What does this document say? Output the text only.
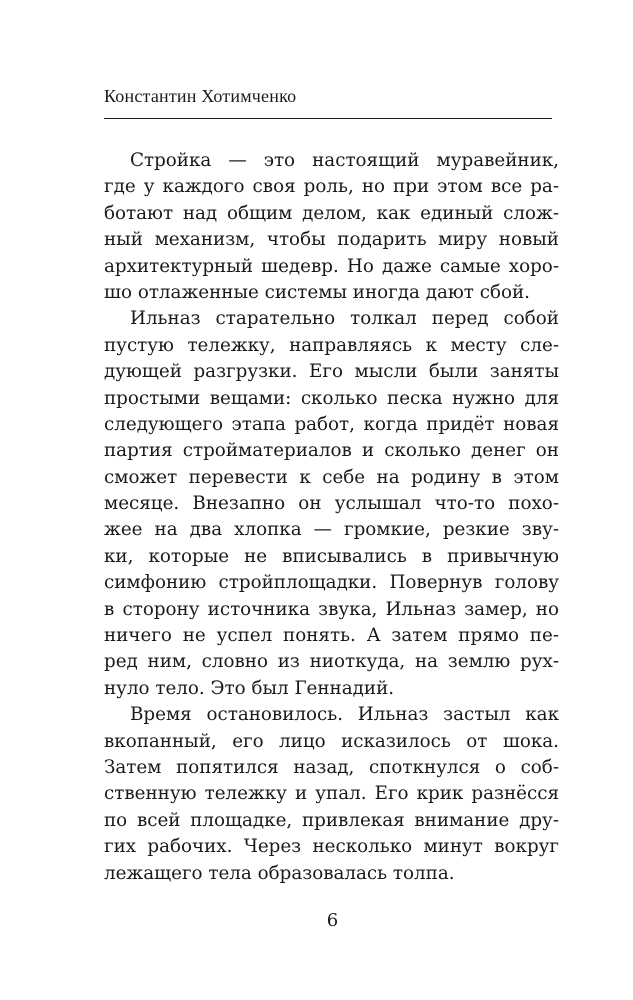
Константин Хотимченко
Стройка — это настоящий муравейник,
где у каждого своя роль, но при этом все ра-
ботают над общим делом, как единый слож-
ный механизм, чтобы подарить миру новый
архитектурный шедевр. Но даже самые хоро-
шо отлаженные системы иногда дают сбой.
Ильназ старательно толкал перед собой
пустую тележку, направляясь к месту сле-
дующей разгрузки. Его мысли были заняты
простыми вещами: сколько песка нужно для
следующего этапа работ, когда придёт новая
партия стройматериалов и сколько денег он
сможет перевести к себе на родину в этом
месяце. Внезапно он услышал что-то похо-
жее на два хлопка — громкие, резкие зву-
ки, которые не вписывались в привычную
симфонию стройплощадки. Повернув голову
в сторону источника звука, Ильназ замер, но
ничего не успел понять. А затем прямо пе-
ред ним, словно из ниоткуда, на землю рух-
нуло тело. Это был Геннадий.
Время остановилось. Ильназ застыл как
вкопанный, его лицо исказилось от шока.
Затем попятился назад, споткнулся о соб-
ственную тележку и упал. Его крик разнёсся
по всей площадке, привлекая внимание дру-
гих рабочих. Через несколько минут вокруг
лежащего тела образовалась толпа.
6
